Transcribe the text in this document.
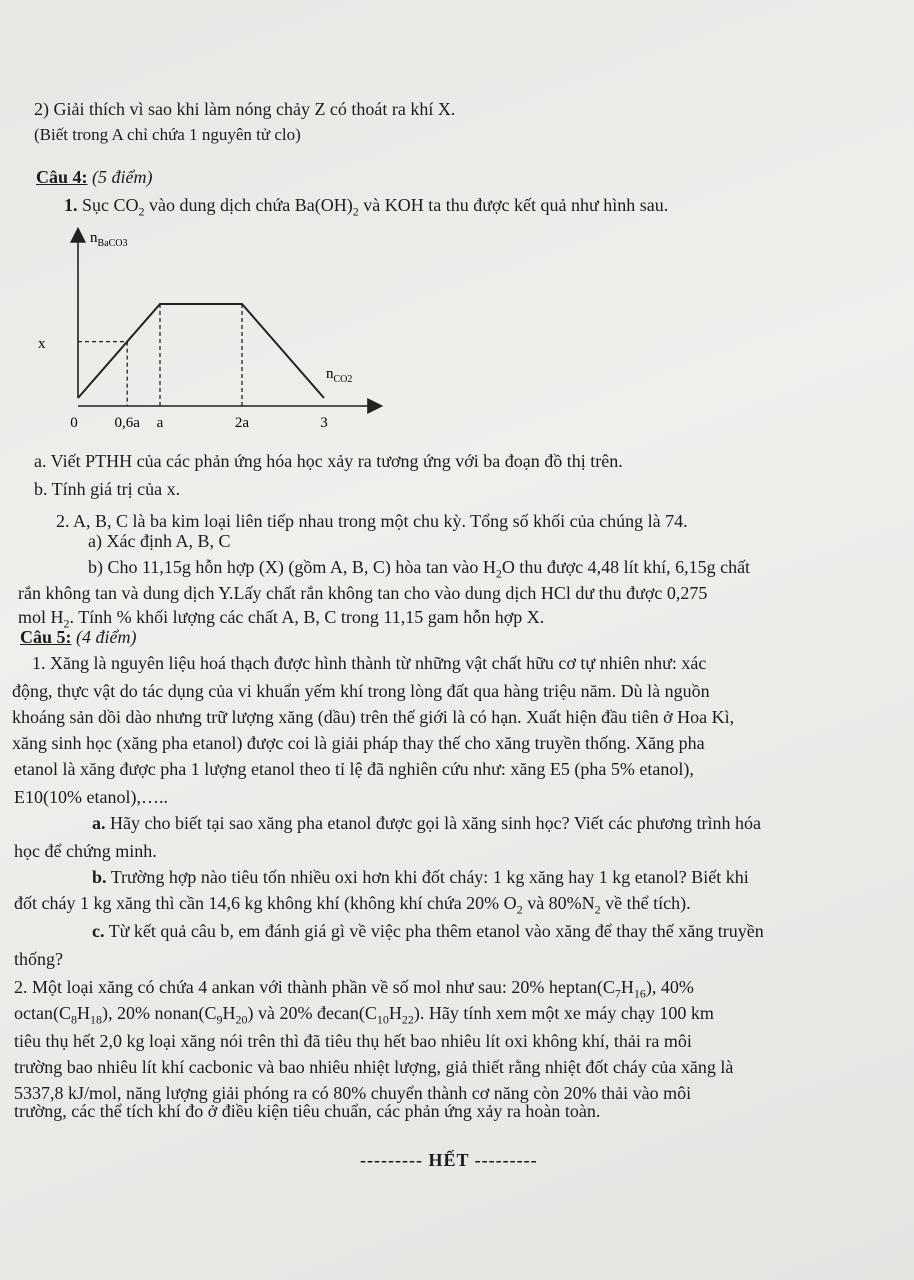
2) Giải thích vì sao khi làm nóng chảy Z có thoát ra khí X.
(Biết trong A chỉ chứa 1 nguyên tử clo)
Câu 4: (5 điểm)
1. Sục $CO_2$ vào dung dịch chứa $Ba(OH)_2$ và KOH ta thu được kết quả như hình sau.
$n_{BaCO3}$
$n_{CO2}$
x
0 0,6a a	2a	3
a. Viết PTHH của các phản ứng hóa học xảy ra tương ứng với ba đoạn đồ thị trên.
b. Tính giá trị của x.
2. A, B, C là ba kim loại liên tiếp nhau trong một chu kỳ. Tổng số khối của chúng là 74.
a) Xác định A, B, C
b) Cho 11,15g hỗn hợp (X) (gồm A, B, C) hòa tan vào $H_2O$ thu được 4,48 lít khí, 6,15g chất
rắn không tan và dung dịch Y.Lấy chất rắn không tan cho vào dung dịch HCl dư thu được 0,275
mol $H_2$. Tính % khối lượng các chất A, B, C trong 11,15 gam hỗn hợp X.
Câu 5: (4 điểm)
1. Xăng là nguyên liệu hoá thạch được hình thành từ những vật chất hữu cơ tự nhiên như: xác
động, thực vật do tác dụng của vi khuẩn yếm khí trong lòng đất qua hàng triệu năm. Dù là nguồn
khoáng sản dồi dào nhưng trữ lượng xăng (dầu) trên thế giới là có hạn. Xuất hiện đầu tiên ở Hoa Kì,
xăng sinh học (xăng pha etanol) được coi là giải pháp thay thế cho xăng truyền thống. Xăng pha
etanol là xăng được pha 1 lượng etanol theo tỉ lệ đã nghiên cứu như: xăng E5 (pha 5% etanol),
E10(10% etanol),…..
a. Hãy cho biết tại sao xăng pha etanol được gọi là xăng sinh học? Viết các phương trình hóa
học để chứng minh.
b. Trường hợp nào tiêu tốn nhiều oxi hơn khi đốt cháy: 1 kg xăng hay 1 kg etanol? Biết khi
đốt cháy 1 kg xăng thì cần 14,6 kg không khí (không khí chứa 20% $O_2$ và $80\%N_2$ về thể tích).
c. Từ kết quả câu b, em đánh giá gì về việc pha thêm etanol vào xăng để thay thế xăng truyền
thống?
2. Một loại xăng có chứa 4 ankan với thành phần về số mol như sau: 20% $heptan(C_7H_{16})$, 40%
$octan(C_8H_{18})$, 20% $nonan(C_9H_{20})$ và 20% $đecan(C_{10}H_{22})$. Hãy tính xem một xe máy chạy 100 km
tiêu thụ hết 2,0 kg loại xăng nói trên thì đã tiêu thụ hết bao nhiêu lít oxi không khí, thải ra môi
trường bao nhiêu lít khí cacbonic và bao nhiêu nhiệt lượng, giả thiết rằng nhiệt đốt cháy của xăng là
5337,8 kJ/mol, năng lượng giải phóng ra có 80% chuyển thành cơ năng còn 20% thải vào môi
trường, các thể tích khí đo ở điều kiện tiêu chuẩn, các phản ứng xảy ra hoàn toàn.
--------- HẾT ---------
